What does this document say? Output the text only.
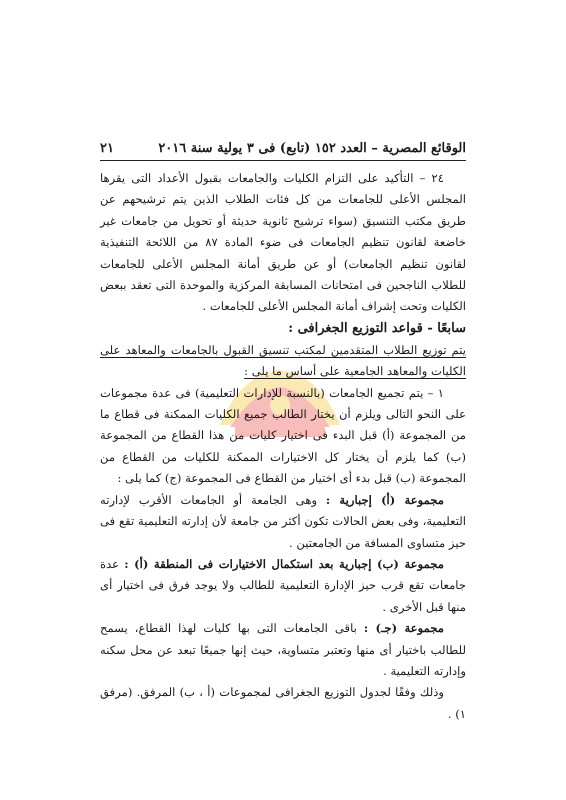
الوقائع المصرية – العدد ١٥٢ (تابع) فى ٣ يولية سنة ٢٠١٦
٢١

٢٤ – التأكيد على التزام الكليات والجامعات بقبول الأعداد التى يقرها المجلس الأعلى للجامعات من كل فئات الطلاب الذين يتم ترشيحهم عن طريق مكتب التنسيق (سواء ترشيح ثانوية حديثة أو تحويل من جامعات غير خاضعة لقانون تنظيم الجامعات فى ضوء المادة ٨٧ من اللائحة التنفيذية لقانون تنظيم الجامعات) أو عن طريق أمانة المجلس الأعلى للجامعات للطلاب الناجحين فى امتحانات المسابقة المركزية والموحدة التى تعقد ببعض الكليات وتحت إشراف أمانة المجلس الأعلى للجامعات .

سابعًا - قواعد التوزيع الجغرافى :

يتم توزيع الطلاب المتقدمين لمكتب تنسيق القبول بالجامعات والمعاهد على الكليات والمعاهد الجامعية على أساس ما يلى :

١ – يتم تجميع الجامعات (بالنسبة للإدارات التعليمية) فى عدة مجموعات على النحو التالى ويلزم أن يختار الطالب جميع الكليات الممكنة فى قطاع ما من المجموعة (أ) قبل البدء فى اختيار كليات من هذا القطاع من المجموعة (ب) كما يلزم أن يختار كل الاختيارات الممكنة للكليات من القطاع من المجموعة (ب) قبل بدء أى اختيار من القطاع فى المجموعة (ج) كما يلى :

مجموعة (أ) إجبارية : وهى الجامعة أو الجامعات الأقرب لإدارته التعليمية، وفى بعض الحالات تكون أكثر من جامعة لأن إدارته التعليمية تقع فى حيز متساوى المسافة من الجامعتين .

مجموعة (ب) إجبارية بعد استكمال الاختيارات فى المنطقة (أ) : عدة جامعات تقع قرب حيز الإدارة التعليمية للطالب ولا يوجد فرق فى اختيار أى منها قبل الأخرى .

مجموعة (جـ) : باقى الجامعات التى بها كليات لهذا القطاع، يسمح للطالب باختيار أى منها وتعتبر متساوية، حيث إنها جميعًا تبعد عن محل سكنه وإدارته التعليمية .

وذلك وفقًا لجدول التوزيع الجغرافى لمجموعات (أ ، ب) المرفق. (مرفق ١) .
